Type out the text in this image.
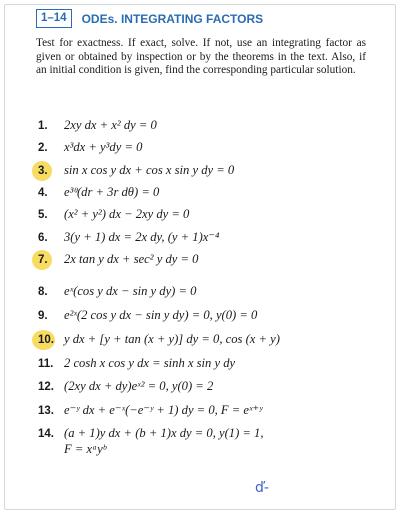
1–14	ODEs. INTEGRATING FACTORS
Test for exactness. If exact, solve. If not, use an integrating factor as given or obtained by inspection or by the theorems in the text. Also, if an initial condition is given, find the corresponding particular solution.
1.	2xy dx + x² dy = 0
2.	x³dx + y³dy = 0
3.	sin x cos y dx + cos x sin y dy = 0
4.	e³ᶿ(dr + 3r dθ) = 0
5.	(x² + y²) dx − 2xy dy = 0
6.	3(y + 1) dx = 2x dy, (y + 1)x⁻⁴
7.	2x tan y dx + sec² y dy = 0
8.	eˣ(cos y dx − sin y dy) = 0
9.	e²ˣ(2 cos y dx − sin y dy) = 0, y(0) = 0
10. y dx + [y + tan (x + y)] dy = 0, cos (x + y)
11. 2 cosh x cos y dx = sinh x sin y dy
12. (2xy dx + dy)eˣ² = 0, y(0) = 2
13. e⁻ʸ dx + e⁻ˣ(−e⁻ʸ + 1) dy = 0, F = eˣ⁺ʸ
14. (a + 1)y dx + (b + 1)x dy = 0, y(1) = 1,
F = xᵃyᵇ
ď-
